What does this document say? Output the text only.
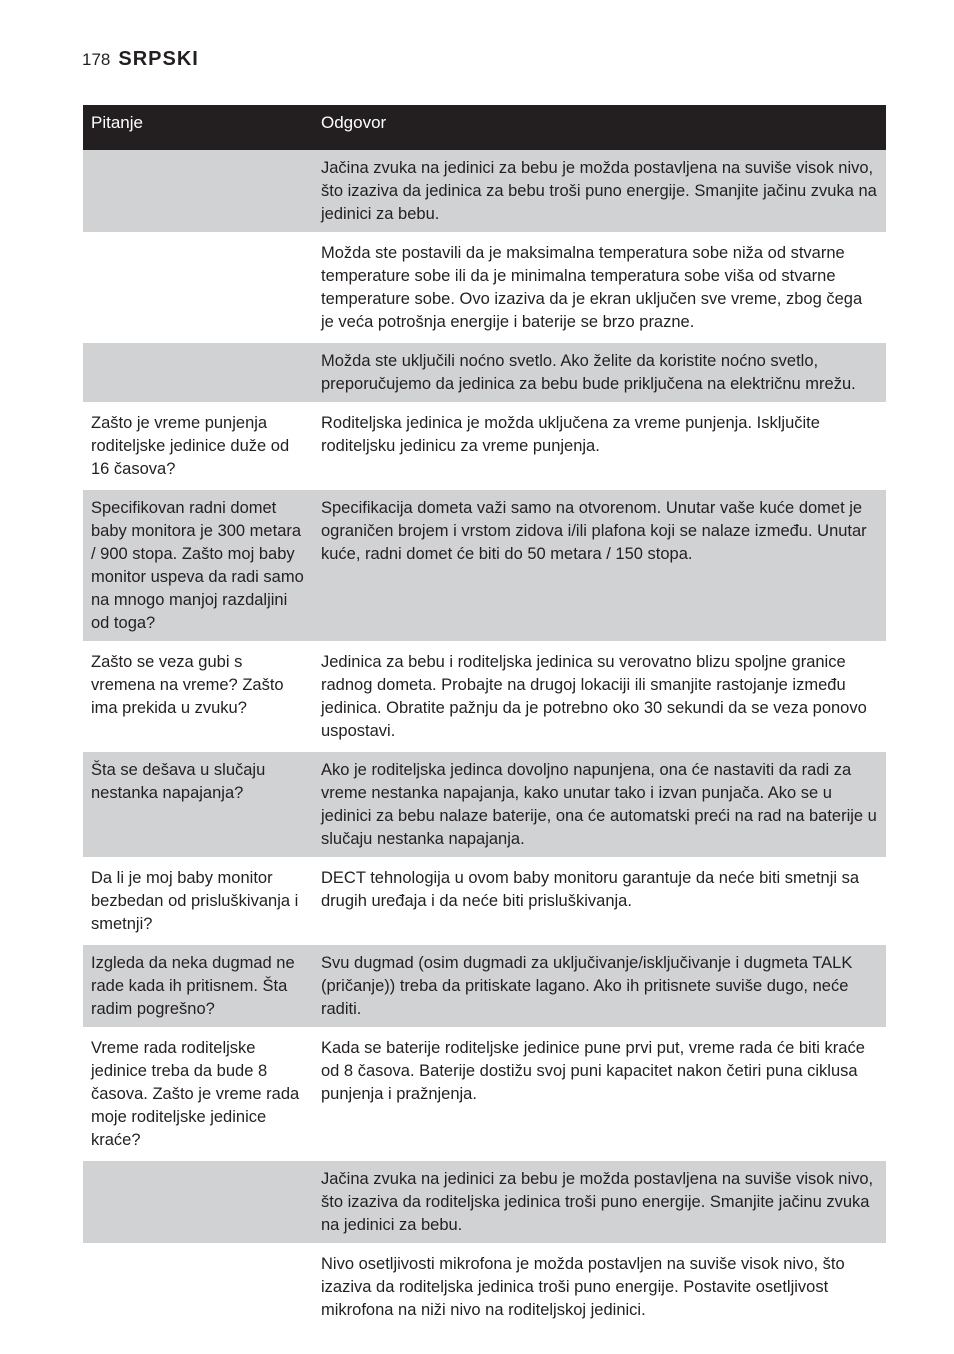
178 SRPSKI
Pitanje	Odgovor
	Jačina zvuka na jedinici za bebu je možda postavljena na suviše visok nivo, što izaziva da jedinica za bebu troši puno energije. Smanjite jačinu zvuka na jedinici za bebu.
	Možda ste postavili da je maksimalna temperatura sobe niža od stvarne temperature sobe ili da je minimalna temperatura sobe viša od stvarne temperature sobe. Ovo izaziva da je ekran uključen sve vreme, zbog čega je veća potrošnja energije i baterije se brzo prazne.
	Možda ste uključili noćno svetlo. Ako želite da koristite noćno svetlo, preporučujemo da jedinica za bebu bude priključena na električnu mrežu.
Zašto je vreme punjenja roditeljske jedinice duže od 16 časova?	Roditeljska jedinica je možda uključena za vreme punjenja. Isključite roditeljsku jedinicu za vreme punjenja.
Specifikovan radni domet baby monitora je 300 metara / 900 stopa. Zašto moj baby monitor uspeva da radi samo na mnogo manjoj razdaljini od toga?	Specifikacija dometa važi samo na otvorenom. Unutar vaše kuće domet je ograničen brojem i vrstom zidova i/ili plafona koji se nalaze između. Unutar kuće, radni domet će biti do 50 metara / 150 stopa.
Zašto se veza gubi s vremena na vreme? Zašto ima prekida u zvuku?	Jedinica za bebu i roditeljska jedinica su verovatno blizu spoljne granice radnog dometa. Probajte na drugoj lokaciji ili smanjite rastojanje između jedinica. Obratite pažnju da je potrebno oko 30 sekundi da se veza ponovo uspostavi.
Šta se dešava u slučaju nestanka napajanja?	Ako je roditeljska jedinca dovoljno napunjena, ona će nastaviti da radi za vreme nestanka napajanja, kako unutar tako i izvan punjača. Ako se u jedinici za bebu nalaze baterije, ona će automatski preći na rad na baterije u slučaju nestanka napajanja.
Da li je moj baby monitor bezbedan od prisluškivanja i smetnji?	DECT tehnologija u ovom baby monitoru garantuje da neće biti smetnji sa drugih uređaja i da neće biti prisluškivanja.
Izgleda da neka dugmad ne rade kada ih pritisnem. Šta radim pogrešno?	Svu dugmad (osim dugmadi za uključivanje/isključivanje i dugmeta TALK (pričanje)) treba da pritiskate lagano. Ako ih pritisnete suviše dugo, neće raditi.
Vreme rada roditeljske jedinice treba da bude 8 časova. Zašto je vreme rada moje roditeljske jedinice kraće?	Kada se baterije roditeljske jedinice pune prvi put, vreme rada će biti kraće od 8 časova. Baterije dostižu svoj puni kapacitet nakon četiri puna ciklusa punjenja i pražnjenja.
	Jačina zvuka na jedinici za bebu je možda postavljena na suviše visok nivo, što izaziva da roditeljska jedinica troši puno energije. Smanjite jačinu zvuka na jedinici za bebu.
	Nivo osetljivosti mikrofona je možda postavljen na suviše visok nivo, što izaziva da roditeljska jedinica troši puno energije. Postavite osetljivost mikrofona na niži nivo na roditeljskoj jedinici.
